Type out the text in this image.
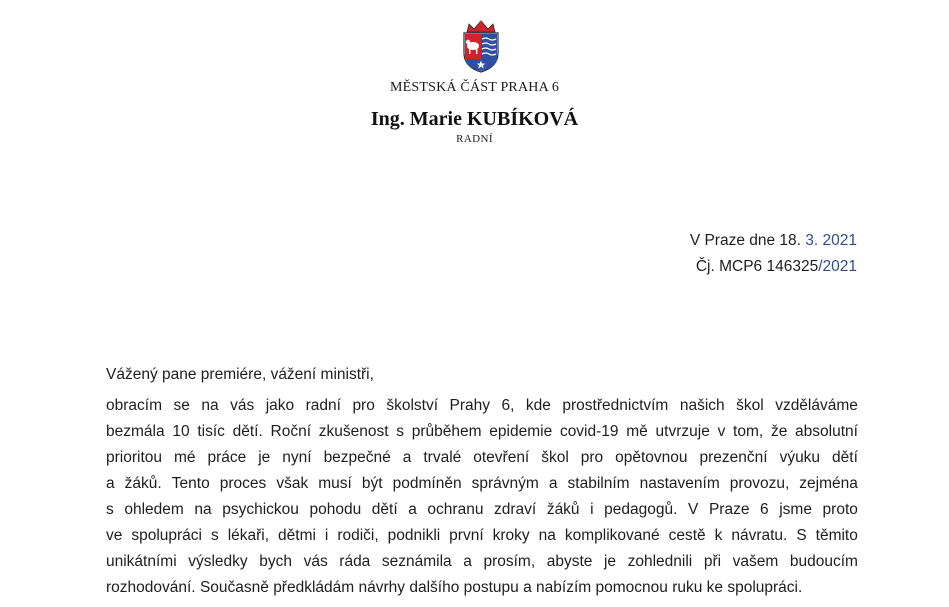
MĚSTSKÁ ČÁST PRAHA 6
Ing. Marie KUBÍKOVÁ
RADNÍ
V Praze dne 18. 3. 2021
Čj. MCP6 146325/2021
Vážený pane premiére, vážení ministři,
obracím se na vás jako radní pro školství Prahy 6, kde prostřednictvím našich škol vzděláváme
bezmála 10 tisíc dětí. Roční zkušenost s průběhem epidemie covid-19 mě utvrzuje v tom, že absolutní
prioritou mé práce je nyní bezpečné a trvalé otevření škol pro opětovnou prezenční výuku dětí
a žáků. Tento proces však musí být podmíněn správným a stabilním nastavením provozu, zejména
s ohledem na psychickou pohodu dětí a ochranu zdraví žáků i pedagogů. V Praze 6 jsme proto
ve spolupráci s lékaři, dětmi i rodiči, podnikli první kroky na komplikované cestě k návratu. S těmito
unikátními výsledky bych vás ráda seznámila a prosím, abyste je zohlednili při vašem budoucím
rozhodování. Současně předkládám návrhy dalšího postupu a nabízím pomocnou ruku ke spolupráci.
